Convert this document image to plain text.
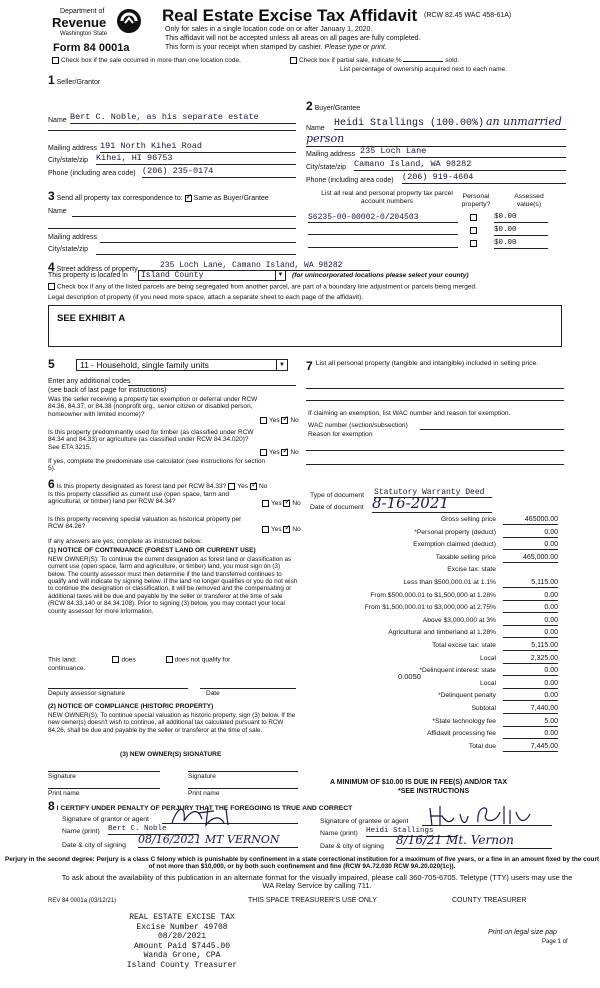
Department of
Revenue
Washington State
Form 84 0001a
Real Estate Excise Tax Affidavit (RCW 82.45 WAC 458-61A)
Only for sales in a single location code on or after January 1, 2020.
This affidavit will not be accepted unless all areas on all pages are fully completed.
This form is your receipt when stamped by cashier. Please type or print.
Check box if the sale occurred in more than one location code.	Check box if partial sale, indicate %	sold.
List percentage of ownership acquired next to each name.
1 Seller/Grantor
Name Bert C. Noble, as his separate estate
Mailing address 191 North Kihei Road
City/state/zip Kihei, HI 96753
Phone (including area code) (206) 235-0174
2 Buyer/Grantee
Name Heidi Stallings (100.00%) an unmarried
person
Mailing address 235 Loch Lane
City/state/zip Camano Island, WA 98282
Phone (including area code) (206) 919-4604
3 Send all property tax correspondence to: ✓ Same as Buyer/Grantee
Name
Mailing address
City/state/zip
List all real and personal property tax parcel account numbers
Personal property?
Assessed value(s)
S6235-00-00002-0/204503	$0.00
$0.00
$0.00
4 Street address of property	235 Loch Lane, Camano Island, WA 98282
This property is located in Island County	▼ (for unincorporated locations please select your county)
Check box if any of the listed parcels are being segregated from another parcel, are part of a boundary line adjustment or parcels being merged.
Legal description of property (if you need more space, attach a separate sheet to each page of the affidavit).
SEE EXHIBIT A
5	11 - Household, single family units	▼
Enter any additional codes
(see back of last page for instructions)
Was the seller receiving a property tax exemption or deferral under RCW 84.36, 84.37, or 84.38 (nonprofit org., senior citizen or disabled person, homeowner with limited income)?
Yes ✓ No
Is this property predominantly used for timber (as classified under RCW 84.34 and 84.33) or agriculture (as classified under RCW 84.34.020)? See ETA 3215.
Yes ✓ No
If yes, complete the predominate use calculator (see instructions for section 5).
7 List all personal property (tangible and intangible) included in selling price.
If claiming an exemption, list WAC number and reason for exemption.
WAC number (section/subsection)
Reason for exemption
6 Is this property designated as forest land per RCW 84.33? Yes ✓ No
Is this property classified as current use (open space, farm and agricultural, or timber) land per RCW 84.34?	Yes ✓ No
Is this property receiving special valuation as historical property per RCW 84.26?	Yes ✓ No
If any answers are yes, complete as instructed below.
(1) NOTICE OF CONTINUANCE (FOREST LAND OR CURRENT USE)
NEW OWNER(S): To continue the current designation as forest land or classification as current use (open space, farm and agriculture, or timber) land, you must sign on (3) below. The county assessor must then determine if the land transferred continues to qualify and will indicate by signing below. If the land no longer qualifies or you do not wish to continue the designation or classification, it will be removed and the compensating or additional taxes will be due and payable by the seller or transferor at the time of sale (RCW 84.33.140 or 84.34.108). Prior to signing (3) below, you may contact your local county assessor for more information.
This land:	does	does not qualify for
continuance.
Deputy assessor signature	Date
(2) NOTICE OF COMPLIANCE (HISTORIC PROPERTY)
NEW OWNER(S): To continue special valuation as historic property, sign (3) below. If the new owner(s) doesn't wish to continue, all additional tax calculated pursuant to RCW 84.26, shall be due and payable by the seller or transferor at the time of sale.
(3) NEW OWNER(S) SIGNATURE
Signature	Signature
Print name	Print name
Type of document Statutory Warranty Deed
Date of document 8-16-2021
Gross selling price	465000.00
*Personal property (deduct)	0.00
Exemption claimed (deduct)	0.00
Taxable selling price	465,000.00
Excise tax: state
Less than $500,000.01 at 1.1%	5,115.00
From $500,000.01 to $1,500,000 at 1.28%	0.00
From $1,500,000.01 to $3,000,000 at 2.75%	0.00
Above $3,000,000 at 3%	0.00
Agricultural and timberland at 1.28%	0.00
Total excise tax: state	5,115.00
Local	2,325.00
*Delinquent interest: state	0.00
Local	0.00
*Delinquent penalty	0.00
Subtotal	7,440.00
*State technology fee	5.00
Affidavit processing fee	0.00
Total due	7,445.00
0.0050
A MINIMUM OF $10.00 IS DUE IN FEE(S) AND/OR TAX
*SEE INSTRUCTIONS
8 I CERTIFY UNDER PENALTY OF PERJURY THAT THE FOREGOING IS TRUE AND CORRECT
Signature of grantor or agent
Name (print) Bert C. Noble
Date & city of signing 08/16/2021 MT VERNON
Signature of grantee or agent
Name (print) Heidi Stallings
Date & city of signing 8/16/21 Mt. Vernon
Perjury in the second degree: Perjury is a class C felony which is punishable by confinement in a state correctional institution for a maximum of five years, or a fine in an amount fixed by the court of not more than $10,000, or by both such confinement and fine (RCW 9A.72.030 RCW 9A.20.020(1c)).
To ask about the availability of this publication in an alternate format for the visually impaired, please call 360-705-6705. Teletype (TTY) users may use the WA Relay Service by calling 711.
REV 84 0001a (03/12/21)	THIS SPACE TREASURER'S USE ONLY	COUNTY TREASURER
REAL ESTATE EXCISE TAX
Excise Number 49708
08/20/2021
Amount Paid $7445.00
Wanda Grone, CPA
Island County Treasurer
Print on legal size pap
Page 1 of
